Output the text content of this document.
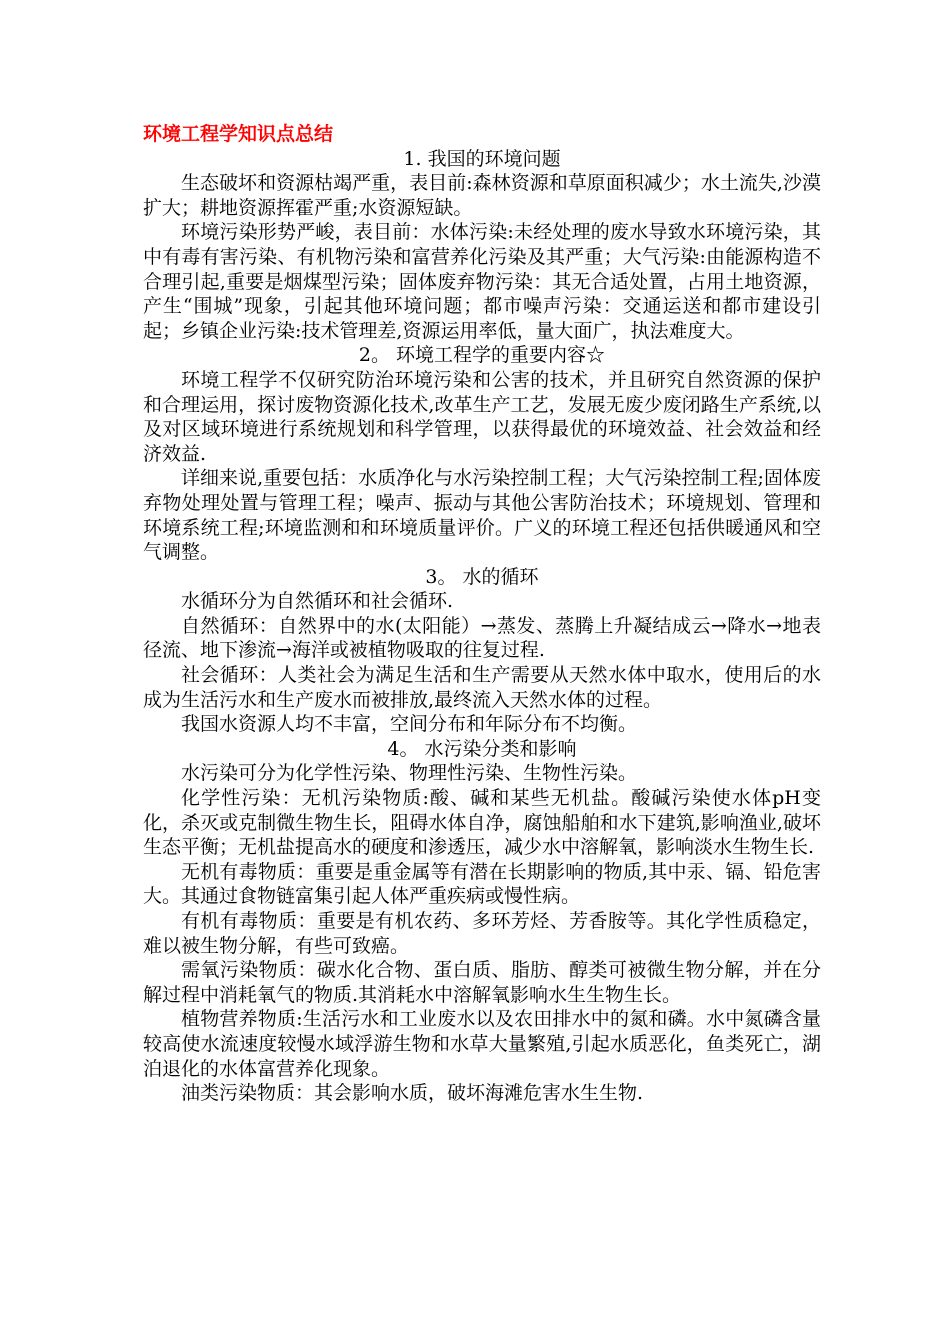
环境工程学知识点总结
1. 我国的环境问题

生态破坏和资源枯竭严重，表目前:森林资源和草原面积减少；水土流失,沙漠扩大；耕地资源挥霍严重;水资源短缺。

环境污染形势严峻，表目前：水体污染:未经处理的废水导致水环境污染，其中有毒有害污染、有机物污染和富营养化污染及其严重；大气污染:由能源构造不合理引起,重要是烟煤型污染；固体废弃物污染：其无合适处置，占用土地资源，产生“围城”现象，引起其他环境问题；都市噪声污染：交通运送和都市建设引起；乡镇企业污染:技术管理差,资源运用率低，量大面广，执法难度大。

2。 环境工程学的重要内容☆

环境工程学不仅研究防治环境污染和公害的技术，并且研究自然资源的保护和合理运用，探讨废物资源化技术,改革生产工艺，发展无废少废闭路生产系统,以及对区域环境进行系统规划和科学管理，以获得最优的环境效益、社会效益和经济效益.

详细来说,重要包括：水质净化与水污染控制工程；大气污染控制工程;固体废弃物处理处置与管理工程；噪声、振动与其他公害防治技术；环境规划、管理和环境系统工程;环境监测和和环境质量评价。广义的环境工程还包括供暖通风和空气调整。

3。 水的循环

水循环分为自然循环和社会循环.

自然循环：自然界中的水(太阳能）→蒸发、蒸腾上升凝结成云→降水→地表径流、地下渗流→海洋或被植物吸取的往复过程.

社会循环：人类社会为满足生活和生产需要从天然水体中取水，使用后的水成为生活污水和生产废水而被排放,最终流入天然水体的过程。

我国水资源人均不丰富，空间分布和年际分布不均衡。

4。 水污染分类和影响

水污染可分为化学性污染、物理性污染、生物性污染。

化学性污染：无机污染物质:酸、碱和某些无机盐。酸碱污染使水体pH变化，杀灭或克制微生物生长，阻碍水体自净，腐蚀船舶和水下建筑,影响渔业,破坏生态平衡；无机盐提高水的硬度和渗透压，减少水中溶解氧，影响淡水生物生长.

无机有毒物质：重要是重金属等有潜在长期影响的物质,其中汞、镉、铅危害大。其通过食物链富集引起人体严重疾病或慢性病。

有机有毒物质：重要是有机农药、多环芳烃、芳香胺等。其化学性质稳定，难以被生物分解，有些可致癌。

需氧污染物质：碳水化合物、蛋白质、脂肪、醇类可被微生物分解，并在分解过程中消耗氧气的物质.其消耗水中溶解氧影响水生生物生长。

植物营养物质:生活污水和工业废水以及农田排水中的氮和磷。水中氮磷含量较高使水流速度较慢水域浮游生物和水草大量繁殖,引起水质恶化，鱼类死亡，湖泊退化的水体富营养化现象。

油类污染物质：其会影响水质，破坏海滩危害水生生物.
